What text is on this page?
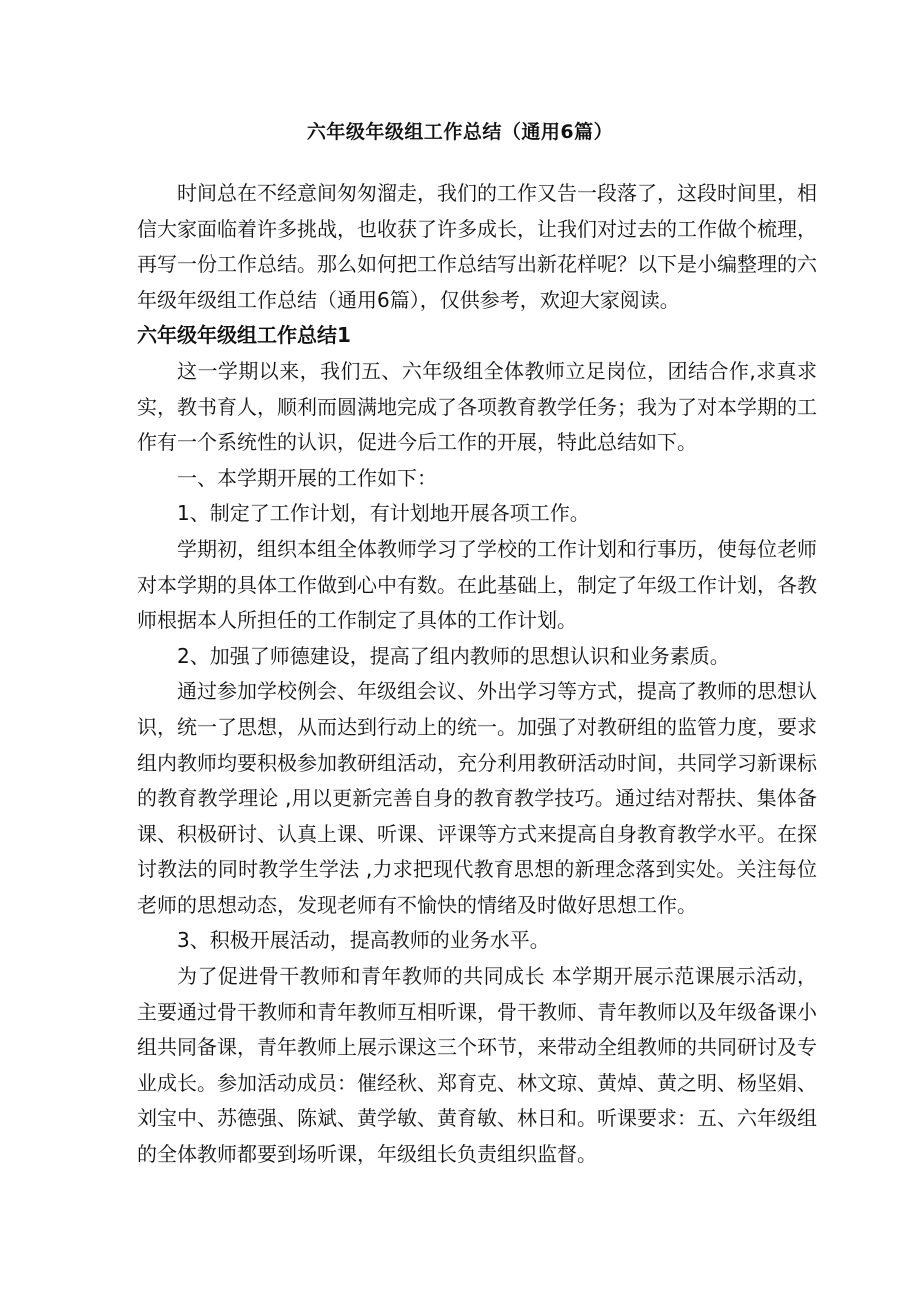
六年级年级组工作总结（通用6篇）

时间总在不经意间匆匆溜走，我们的工作又告一段落了，这段时间里，相信大家面临着许多挑战，也收获了许多成长，让我们对过去的工作做个梳理，再写一份工作总结。那么如何把工作总结写出新花样呢？以下是小编整理的六年级年级组工作总结（通用6篇），仅供参考，欢迎大家阅读。

六年级年级组工作总结1

这一学期以来，我们五、六年级组全体教师立足岗位，团结合作,求真求实，教书育人，顺利而圆满地完成了各项教育教学任务；我为了对本学期的工作有一个系统性的认识，促进今后工作的开展，特此总结如下。

一、本学期开展的工作如下：

1、制定了工作计划，有计划地开展各项工作。

学期初，组织本组全体教师学习了学校的工作计划和行事历，使每位老师对本学期的具体工作做到心中有数。在此基础上，制定了年级工作计划，各教师根据本人所担任的工作制定了具体的工作计划。

2、加强了师德建设，提高了组内教师的思想认识和业务素质。

通过参加学校例会、年级组会议、外出学习等方式，提高了教师的思想认识，统一了思想，从而达到行动上的统一。加强了对教研组的监管力度，要求组内教师均要积极参加教研组活动，充分利用教研活动时间，共同学习新课标的教育教学理论 ,用以更新完善自身的教育教学技巧。通过结对帮扶、集体备课、积极研讨、认真上课、听课、评课等方式来提高自身教育教学水平。在探讨教法的同时教学生学法 ,力求把现代教育思想的新理念落到实处。关注每位老师的思想动态，发现老师有不愉快的情绪及时做好思想工作。

3、积极开展活动，提高教师的业务水平。

为了促进骨干教师和青年教师的共同成长 本学期开展示范课展示活动，主要通过骨干教师和青年教师互相听课，骨干教师、青年教师以及年级备课小组共同备课，青年教师上展示课这三个环节，来带动全组教师的共同研讨及专业成长。参加活动成员：催经秋、郑育克、林文琼、黄焯、黄之明、杨坚娟、刘宝中、苏德强、陈斌、黄学敏、黄育敏、林日和。听课要求：五、六年级组的全体教师都要到场听课，年级组长负责组织监督。
